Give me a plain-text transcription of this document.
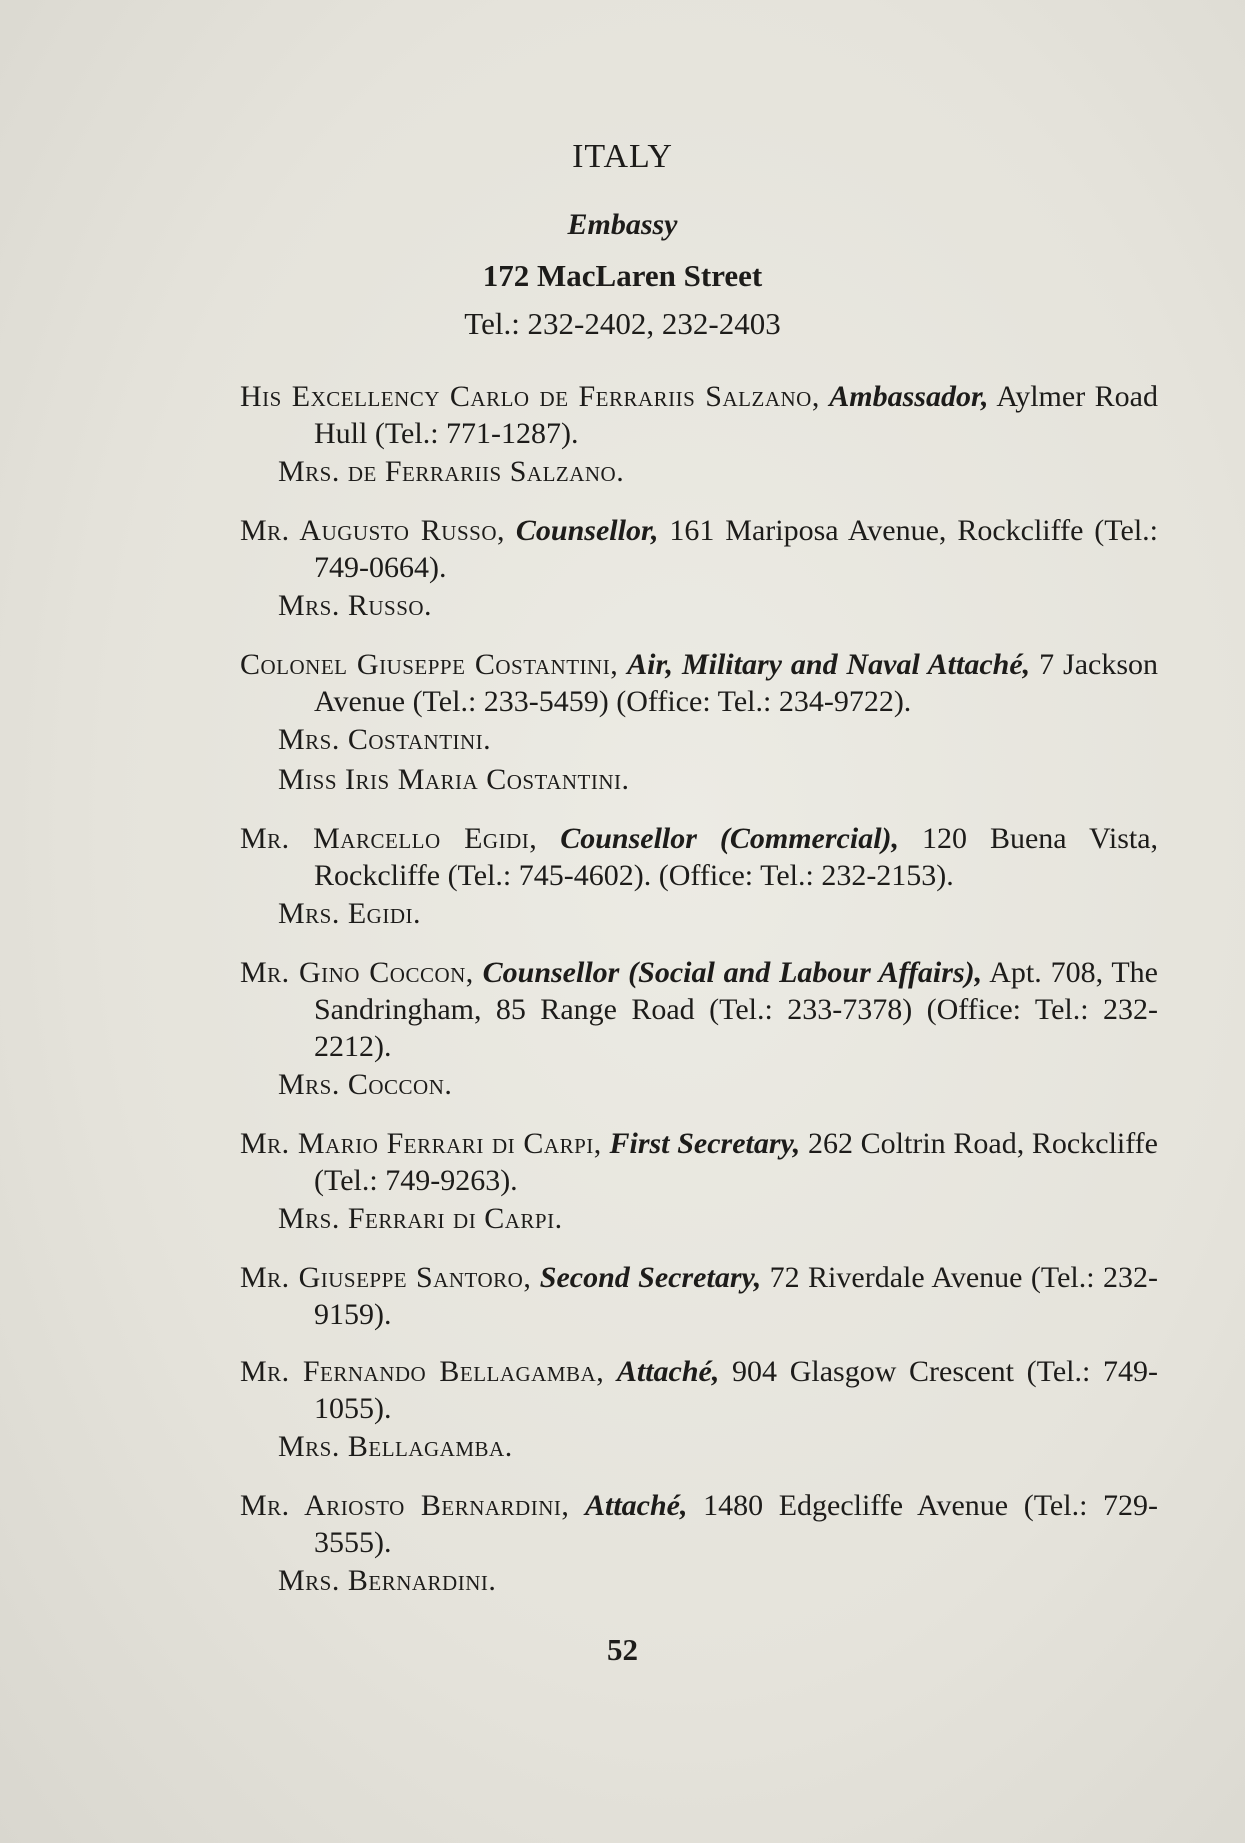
ITALY
Embassy
172 MacLaren Street
Tel.: 232-2402, 232-2403
His Excellency Carlo de Ferrariis Salzano, Ambassador, Aylmer Road Hull (Tel.: 771-1287).
Mrs. de Ferrariis Salzano.
Mr. Augusto Russo, Counsellor, 161 Mariposa Avenue, Rockcliffe (Tel.: 749-0664).
Mrs. Russo.
Colonel Giuseppe Costantini, Air, Military and Naval Attaché, 7 Jackson Avenue (Tel.: 233-5459) (Office: Tel.: 234-9722).
Mrs. Costantini.
Miss Iris Maria Costantini.
Mr. Marcello Egidi, Counsellor (Commercial), 120 Buena Vista, Rockcliffe (Tel.: 745-4602). (Office: Tel.: 232-2153).
Mrs. Egidi.
Mr. Gino Coccon, Counsellor (Social and Labour Affairs), Apt. 708, The Sandringham, 85 Range Road (Tel.: 233-7378) (Office: Tel.: 232-2212).
Mrs. Coccon.
Mr. Mario Ferrari di Carpi, First Secretary, 262 Coltrin Road, Rockcliffe (Tel.: 749-9263).
Mrs. Ferrari di Carpi.
Mr. Giuseppe Santoro, Second Secretary, 72 Riverdale Avenue (Tel.: 232-9159).
Mr. Fernando Bellagamba, Attaché, 904 Glasgow Crescent (Tel.: 749-1055).
Mrs. Bellagamba.
Mr. Ariosto Bernardini, Attaché, 1480 Edgecliffe Avenue (Tel.: 729-3555).
Mrs. Bernardini.
52
